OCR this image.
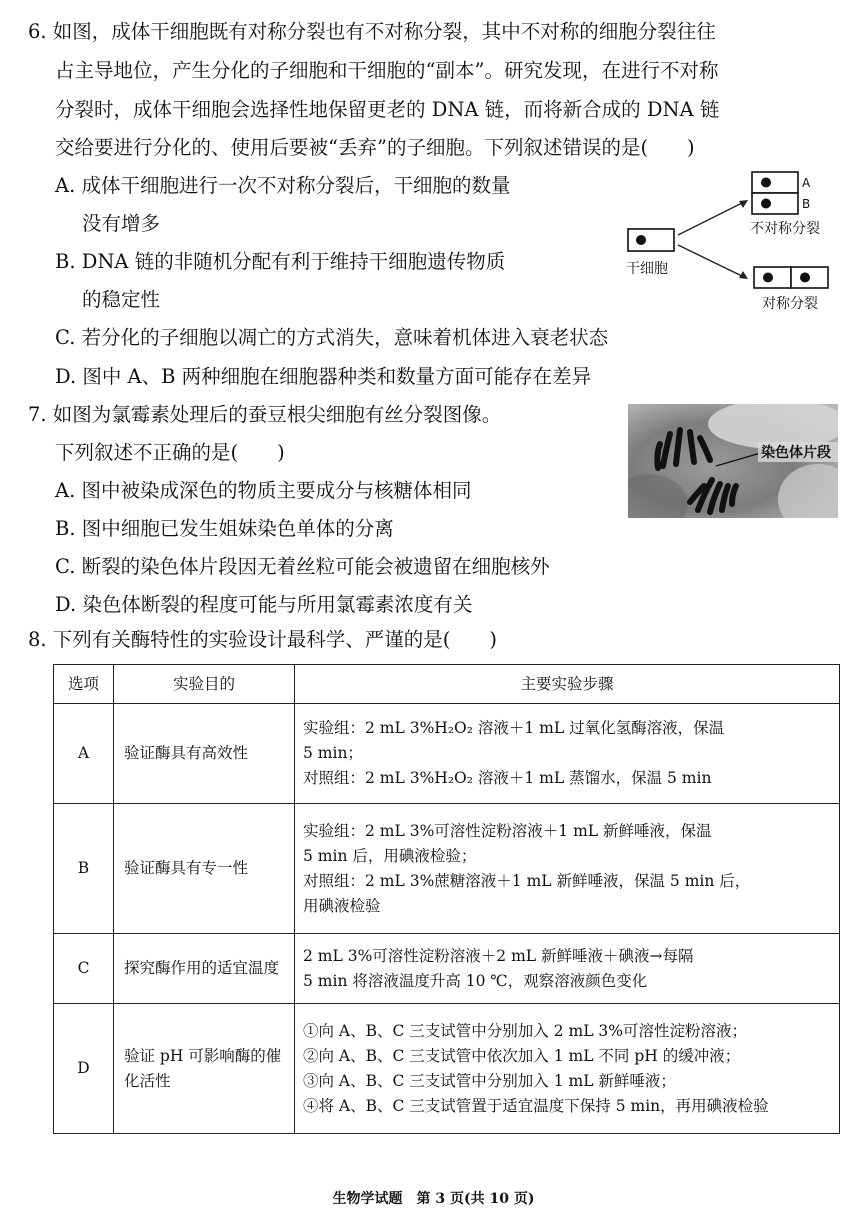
6. 如图，成体干细胞既有对称分裂也有不对称分裂，其中不对称的细胞分裂往往
占主导地位，产生分化的子细胞和干细胞的“副本”。研究发现，在进行不对称
分裂时，成体干细胞会选择性地保留更老的 DNA 链，而将新合成的 DNA 链
交给要进行分化的、使用后要被“丢弃”的子细胞。下列叙述错误的是(　　)
A. 成体干细胞进行一次不对称分裂后，干细胞的数量
没有增多
B. DNA 链的非随机分配有利于维持干细胞遗传物质
的稳定性
C. 若分化的子细胞以凋亡的方式消失，意味着机体进入衰老状态
D. 图中 A、B 两种细胞在细胞器种类和数量方面可能存在差异
干细胞
A
B
不对称分裂
对称分裂
7. 如图为氯霉素处理后的蚕豆根尖细胞有丝分裂图像。
下列叙述不正确的是(　　)
A. 图中被染成深色的物质主要成分与核糖体相同
B. 图中细胞已发生姐妹染色单体的分离
C. 断裂的染色体片段因无着丝粒可能会被遗留在细胞核外
D. 染色体断裂的程度可能与所用氯霉素浓度有关
染色体片段
8. 下列有关酶特性的实验设计最科学、严谨的是(　　)
选项	实验目的	主要实验步骤
A	验证酶具有高效性	实验组：2 mL 3%H₂O₂ 溶液＋1 mL 过氧化氢酶溶液，保温
5 min；
对照组：2 mL 3%H₂O₂ 溶液＋1 mL 蒸馏水，保温 5 min

B	验证酶具有专一性	实验组：2 mL 3%可溶性淀粉溶液＋1 mL 新鲜唾液，保温
5 min 后，用碘液检验；
对照组：2 mL 3%蔗糖溶液＋1 mL 新鲜唾液，保温 5 min 后，
用碘液检验

C	探究酶作用的适宜温度	2 mL 3%可溶性淀粉溶液＋2 mL 新鲜唾液＋碘液→每隔
5 min 将溶液温度升高 10 ℃，观察溶液颜色变化

D	验证 pH 可影响酶的催化活性	①向 A、B、C 三支试管中分别加入 2 mL 3%可溶性淀粉溶液；
②向 A、B、C 三支试管中依次加入 1 mL 不同 pH 的缓冲液；
③向 A、B、C 三支试管中分别加入 1 mL 新鲜唾液；
④将 A、B、C 三支试管置于适宜温度下保持 5 min，再用碘液检验
生物学试题　第 3 页(共 10 页)
